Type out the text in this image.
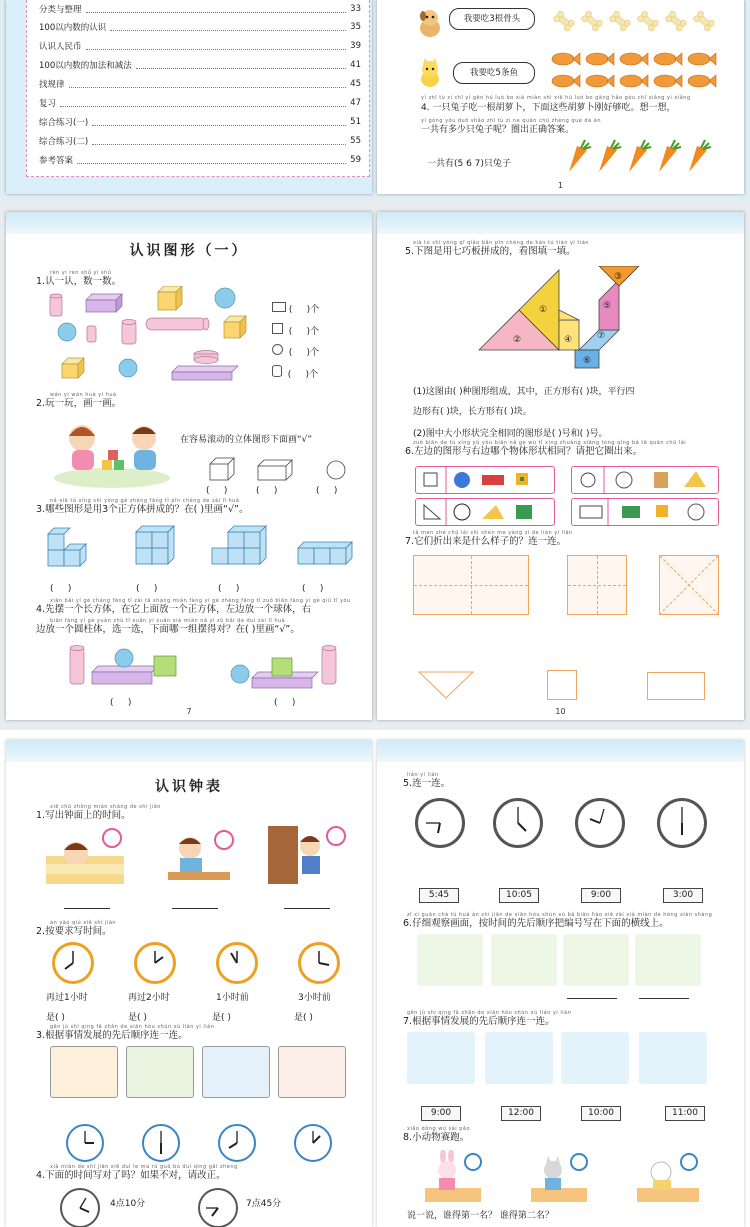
分类与整理	33
100以内数的认识	35
认识人民币	39
100以内数的加法和减法	41
找规律	45
复习	47
综合练习(一)	51
综合练习(二)	55
参考答案	59
我要吃3根骨头
我要吃5条鱼
yì zhī tù zi chī yì gēn hú luó bo xià miàn shì xiē hú luó bo gāng hǎo gòu chī xiǎng yi xiǎng
4. 一只兔子吃一根胡萝卜，下面这些胡萝卜刚好够吃。想一想，
yí gòng yǒu duō shǎo zhī tù zi ne quān chū zhèng què dá àn
一共有多少只兔子呢？圈出正确答案。
一共有(5 6 7)只兔子
1
认识图形（一）
rèn yi rèn shǔ yi shǔ
1.认一认，数一数。
(     )个
(     )个
(     )个
(     )个
wán yi wán huà yi huà
2.玩一玩，画一画。
在容易滚动的立体图形下面画“√”
(     )	(     )	(     )
nǎ xiē tú xíng shì yòng gè zhèng fāng tǐ pīn chéng de zài lǐ huà
3.哪些图形是用3个正方体拼成的？在( )里画“√”。
(     )	(     )	(     )	(     )
xiān bǎi yí gè cháng fāng tǐ zài tā shàng miàn fàng yí gè zhèng fāng tǐ zuǒ biān fàng yí gè qiú tǐ yòu
4.先摆一个长方体，在它上面放一个正方体，左边放一个球体，右
biān fàng yí gè yuán zhù tǐ xuǎn yi xuǎn xià miàn nǎ yì zǔ bǎi de duì zài lǐ huà
边放一个圆柱体，选一选，下面哪一组摆得对？在( )里画“√”。
(     )	(     )
7
xià tú shì yòng qī qiǎo bǎn pīn chéng de kàn tú tián yi tián
5.下图是用七巧板拼成的，看图填一填。
①
②
③
④
⑤
⑥
⑦
(1)这图由( )种图形组成，其中，正方形有( )块，平行四
边形有( )块，长方形有( )块。
(2)图中大小形状完全相同的图形是( )号和( )号。
zuǒ biān de tú xíng yǔ yòu biān nǎ ge wù tǐ xíng zhuàng xiāng tóng qǐng bǎ tā quān chū lái
6.左边的图形与右边哪个物体形状相同？请把它圈出来。
tā men zhé chū lái shì shén me yàng zi de lián yi lián
7.它们折出来是什么样子的？连一连。
10
认识钟表
xiě chū zhōng miàn shàng de shí jiān
1.写出钟面上的时间。
àn yāo qiú xiě shí jiān
2.按要求写时间。
再过1小时	再过2小时	1小时前	3小时前
是( )	是( )	是( )	是( )
gēn jù shì qing fā zhǎn de xiān hòu shùn xù lián yi lián
3.根据事情发展的先后顺序连一连。
xià miàn de shí jiān xiě duì le ma rú guǒ bú duì qǐng gǎi zhèng
4.下面的时间写对了吗？如果不对，请改正。
4点10分	7点45分
lián yi lián
5.连一连。
5:45	10:05	9:00	3:00
zǐ xì guān chá tú huà àn shí jiān de xiān hòu shùn xù bǎ biān hào xiě zài xià miàn de héng xiàn shàng
6.仔细观察画面，按时间的先后顺序把编号写在下面的横线上。
gēn jù shì qing fā zhǎn de xiān hòu shùn xù lián yi lián
7.根据事情发展的先后顺序连一连。
9:00	12:00	10:00	11:00
xiǎo dòng wù sài pǎo
8.小动物赛跑。
说一说，谁得第一名？ 谁得第二名？
